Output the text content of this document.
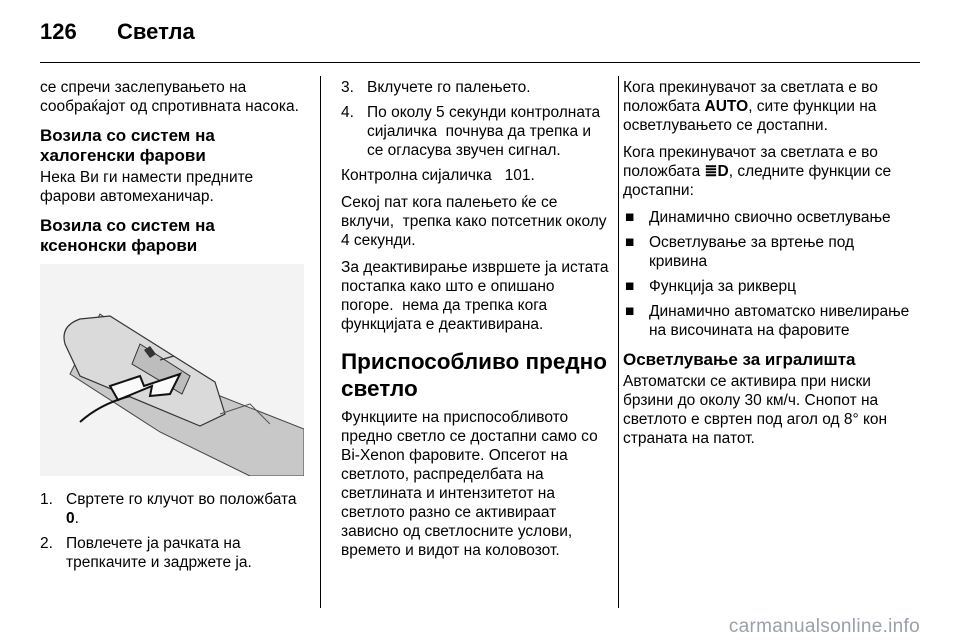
126	Светла

се спречи заслепувањето на сообраќајот од спротивната насока.

Возила со систем на халогенски фарови

Нека Ви ги намести предните фарови автомеханичар.

Возила со систем на ксенонски фарови
1. Свртете го клучот во положбата 0.
2. Повлечете ја рачката на трепкачите и задржете ја.
3. Вклучете го палењето.
4. По околу 5 секунди контролната сијаличка ⁦ ⁩почнува да трепка и се огласува звучен сигнал.

Контролна сијаличка ⁦ ⁩ 101.

Секој пат кога палењето ќе се вклучи, ⁦ ⁩трепка како потсетник околу 4 секунди.

За деактивирање извршете ја истата постапка како што е опишано погоре. ⁦ ⁩нема да трепка кога функцијата е деактивирана.

Приспособливо предно светло

Функциите на приспособливото предно светло се достапни само со Bi-Xenon фаровите. Опсегот на светлото, распределбата на светлината и интензитетот на светлото разно се активираат зависно од светлосните услови, времето и видот на коловозот.

Кога прекинувачот за светлата е во положбата AUTO, сите функции на осветлувањето се достапни.

Кога прекинувачот за светлата е во положбата ≣D, следните функции се достапни:

■ Динамично свиочно осветлување
■ Осветлување за вртење под кривина
■ Функција за рикверц
■ Динамично автоматско нивелирање на височината на фаровите
Осветлување за игралишта

Автоматски се активира при ниски брзини до околу 30 км/ч. Снопот на светлото е свртен под агол од 8° кон страната на патот.

carmanualsonline.info
